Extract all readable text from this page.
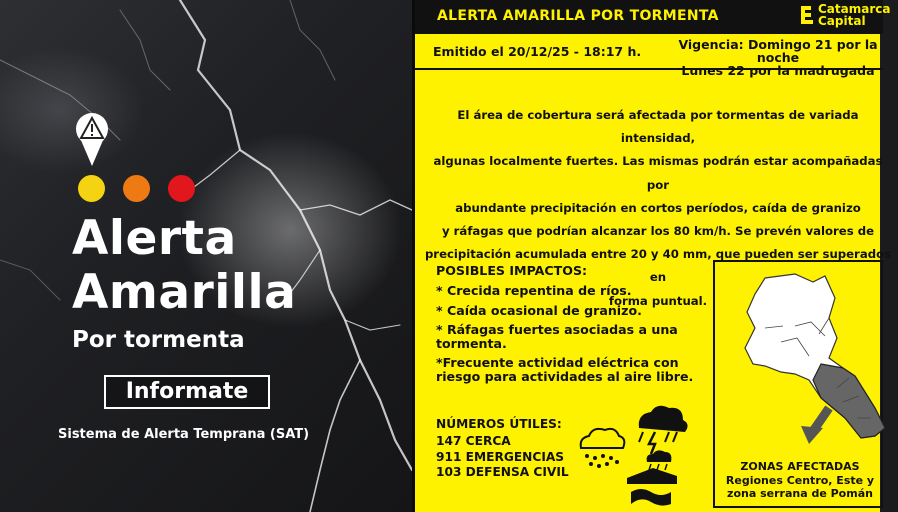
Alerta
Amarilla
Por tormenta
Informate
Sistema de Alerta Temprana (SAT)
ALERTA AMARILLA POR TORMENTA	Catamarca
Capital
Emitido el 20/12/25 - 18:17 h.	Vigencia: Domingo 21 por la noche
Lunes 22 por la madrugada
El área de cobertura será afectada por tormentas de variada intensidad,
algunas localmente fuertes. Las mismas podrán estar acompañadas por
abundante precipitación en cortos períodos, caída de granizo
y ráfagas que podrían alcanzar los 80 km/h. Se prevén valores de
precipitación acumulada entre 20 y 40 mm, que pueden ser superados en
forma puntual.
POSIBLES IMPACTOS:
* Crecida repentina de ríos.
* Caída ocasional de granizo.
* Ráfagas fuertes asociadas a una tormenta.
*Frecuente actividad eléctrica con riesgo para actividades al aire libre.
NÚMEROS ÚTILES:
147 CERCA
911 EMERGENCIAS
103 DEFENSA CIVIL	ZONAS AFECTADAS
Regiones Centro, Este y
zona serrana de Pomán
